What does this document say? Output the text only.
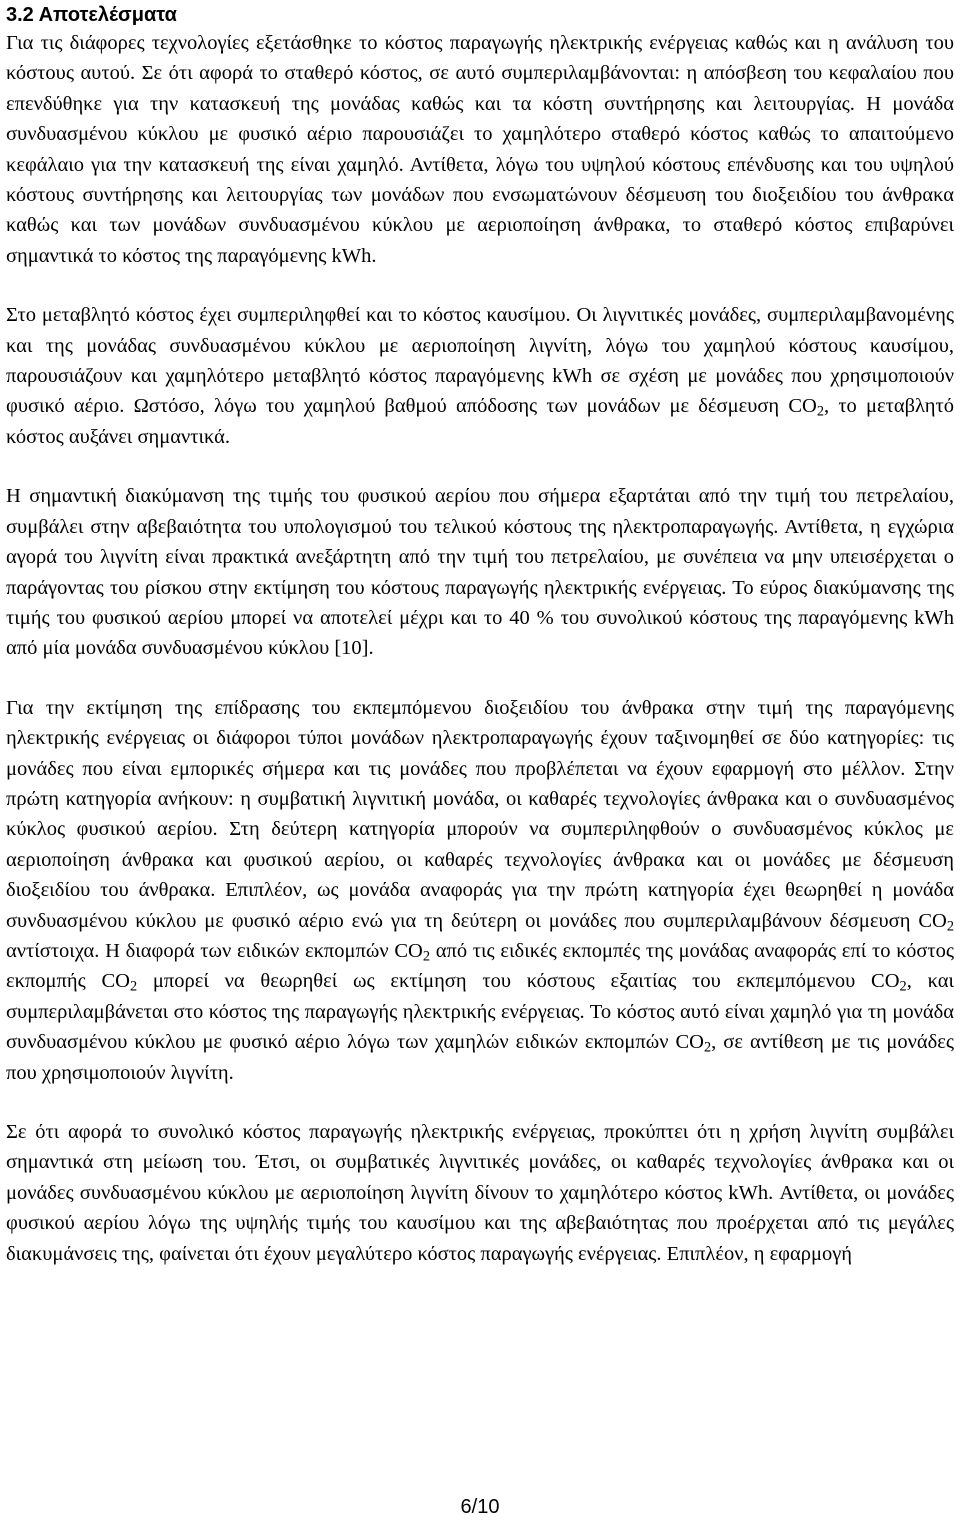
3.2 Αποτελέσματα

Για τις διάφορες τεχνολογίες εξετάσθηκε το κόστος παραγωγής ηλεκτρικής ενέργειας καθώς και η ανάλυση του κόστους αυτού. Σε ότι αφορά το σταθερό κόστος, σε αυτό συμπεριλαμβάνονται: η απόσβεση του κεφαλαίου που επενδύθηκε για την κατασκευή της μονάδας καθώς και τα κόστη συντήρησης και λειτουργίας. Η μονάδα συνδυασμένου κύκλου με φυσικό αέριο παρουσιάζει το χαμηλότερο σταθερό κόστος καθώς το απαιτούμενο κεφάλαιο για την κατασκευή της είναι χαμηλό. Αντίθετα, λόγω του υψηλού κόστους επένδυσης και του υψηλού κόστους συντήρησης και λειτουργίας των μονάδων που ενσωματώνουν δέσμευση του διοξειδίου του άνθρακα καθώς και των μονάδων συνδυασμένου κύκλου με αεριοποίηση άνθρακα, το σταθερό κόστος επιβαρύνει σημαντικά το κόστος της παραγόμενης kWh.

Στο μεταβλητό κόστος έχει συμπεριληφθεί και το κόστος καυσίμου. Οι λιγνιτικές μονάδες, συμπεριλαμβανομένης και της μονάδας συνδυασμένου κύκλου με αεριοποίηση λιγνίτη, λόγω του χαμηλού κόστους καυσίμου, παρουσιάζουν και χαμηλότερο μεταβλητό κόστος παραγόμενης kWh σε σχέση με μονάδες που χρησιμοποιούν φυσικό αέριο. Ωστόσο, λόγω του χαμηλού βαθμού απόδοσης των μονάδων με δέσμευση $CO_2$, το μεταβλητό κόστος αυξάνει σημαντικά.

Η σημαντική διακύμανση της τιμής του φυσικού αερίου που σήμερα εξαρτάται από την τιμή του πετρελαίου, συμβάλει στην αβεβαιότητα του υπολογισμού του τελικού κόστους της ηλεκτροπαραγωγής. Αντίθετα, η εγχώρια αγορά του λιγνίτη είναι πρακτικά ανεξάρτητη από την τιμή του πετρελαίου, με συνέπεια να μην υπεισέρχεται ο παράγοντας του ρίσκου στην εκτίμηση του κόστους παραγωγής ηλεκτρικής ενέργειας. Το εύρος διακύμανσης της τιμής του φυσικού αερίου μπορεί να αποτελεί μέχρι και το 40 % του συνολικού κόστους της παραγόμενης kWh από μία μονάδα συνδυασμένου κύκλου [10].

Για την εκτίμηση της επίδρασης του εκπεμπόμενου διοξειδίου του άνθρακα στην τιμή της παραγόμενης ηλεκτρικής ενέργειας οι διάφοροι τύποι μονάδων ηλεκτροπαραγωγής έχουν ταξινομηθεί σε δύο κατηγορίες: τις μονάδες που είναι εμπορικές σήμερα και τις μονάδες που προβλέπεται να έχουν εφαρμογή στο μέλλον. Στην πρώτη κατηγορία ανήκουν: η συμβατική λιγνιτική μονάδα, οι καθαρές τεχνολογίες άνθρακα και ο συνδυασμένος κύκλος φυσικού αερίου. Στη δεύτερη κατηγορία μπορούν να συμπεριληφθούν ο συνδυασμένος κύκλος με αεριοποίηση άνθρακα και φυσικού αερίου, οι καθαρές τεχνολογίες άνθρακα και οι μονάδες με δέσμευση διοξειδίου του άνθρακα. Επιπλέον, ως μονάδα αναφοράς για την πρώτη κατηγορία έχει θεωρηθεί η μονάδα συνδυασμένου κύκλου με φυσικό αέριο ενώ για τη δεύτερη οι μονάδες που συμπεριλαμβάνουν δέσμευση $CO_2$ αντίστοιχα. Η διαφορά των ειδικών εκπομπών $CO_2$ από τις ειδικές εκπομπές της μονάδας αναφοράς επί το κόστος εκπομπής $CO_2$ μπορεί να θεωρηθεί ως εκτίμηση του κόστους εξαιτίας του εκπεμπόμενου $CO_2$, και συμπεριλαμβάνεται στο κόστος της παραγωγής ηλεκτρικής ενέργειας. Το κόστος αυτό είναι χαμηλό για τη μονάδα συνδυασμένου κύκλου με φυσικό αέριο λόγω των χαμηλών ειδικών εκπομπών $CO_2$, σε αντίθεση με τις μονάδες που χρησιμοποιούν λιγνίτη.

Σε ότι αφορά το συνολικό κόστος παραγωγής ηλεκτρικής ενέργειας, προκύπτει ότι η χρήση λιγνίτη συμβάλει σημαντικά στη μείωση του. Έτσι, οι συμβατικές λιγνιτικές μονάδες, οι καθαρές τεχνολογίες άνθρακα και οι μονάδες συνδυασμένου κύκλου με αεριοποίηση λιγνίτη δίνουν το χαμηλότερο κόστος kWh. Αντίθετα, οι μονάδες φυσικού αερίου λόγω της υψηλής τιμής του καυσίμου και της αβεβαιότητας που προέρχεται από τις μεγάλες διακυμάνσεις της, φαίνεται ότι έχουν μεγαλύτερο κόστος παραγωγής ενέργειας. Επιπλέον, η εφαρμογή

6/10
